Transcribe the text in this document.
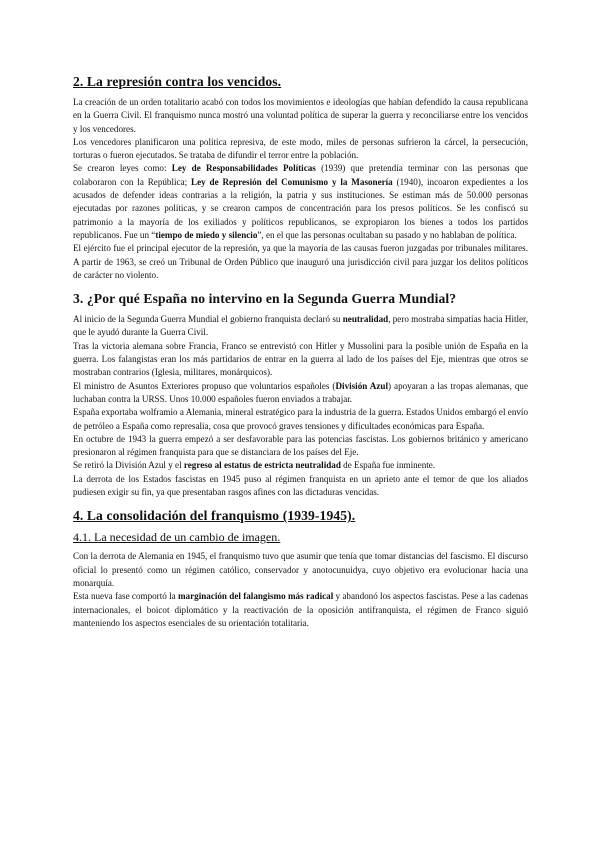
2. La represión contra los vencidos.

La creación de un orden totalitario acabó con todos los movimientos e ideologías que habían defendido la causa republicana en la Guerra Civil. El franquismo nunca mostró una voluntad política de superar la guerra y reconciliarse entre los vencidos y los vencedores.

Los vencedores planificaron una política represiva, de este modo, miles de personas sufrieron la cárcel, la persecución, torturas o fueron ejecutados. Se trataba de difundir el terror entre la población.

Se crearon leyes como: Ley de Responsabilidades Políticas (1939) que pretendía terminar con las personas que colaboraron con la República; Ley de Represión del Comunismo y la Masonería (1940), incoaron expedientes a los acusados de defender ideas contrarias a la religión, la patria y sus instituciones. Se estiman más de 50.000 personas ejecutadas por razones políticas, y se crearon campos de concentración para los presos políticos. Se les confiscó su patrimonio a la mayoría de los exiliados y políticos republicanos, se expropiaron los bienes a todos los partidos republicanos. Fue un “tiempo de miedo y silencio”, en el que las personas ocultaban su pasado y no hablaban de política.

El ejército fue el principal ejecutor de la represión, ya que la mayoría de las causas fueron juzgadas por tribunales militares. A partir de 1963, se creó un Tribunal de Orden Público que inauguró una jurisdicción civil para juzgar los delitos políticos de carácter no violento.

3. ¿Por qué España no intervino en la Segunda Guerra Mundial?

Al inicio de la Segunda Guerra Mundial el gobierno franquista declaró su neutralidad, pero mostraba simpatías hacia Hitler, que le ayudó durante la Guerra Civil.

Tras la victoria alemana sobre Francia, Franco se entrevistó con Hitler y Mussolini para la posible unión de España en la guerra. Los falangistas eran los más partidarios de entrar en la guerra al lado de los países del Eje, mientras que otros se mostraban contrarios (Iglesia, militares, monárquicos).

El ministro de Asuntos Exteriores propuso que voluntarios españoles (División Azul) apoyaran a las tropas alemanas, que luchaban contra la URSS. Unos 10.000 españoles fueron enviados a trabajar.

España exportaba wolframio a Alemania, mineral estratégico para la industria de la guerra. Estados Unidos embargó el envío de petróleo a España como represalia, cosa que provocó graves tensiones y dificultades económicas para España.

En octubre de 1943 la guerra empezó a ser desfavorable para las potencias fascistas. Los gobiernos británico y americano presionaron al régimen franquista para que se distanciara de los países del Eje.

Se retiró la División Azul y el regreso al estatus de estricta neutralidad de España fue inminente.

La derrota de los Estados fascistas en 1945 puso al régimen franquista en un aprieto ante el temor de que los aliados pudiesen exigir su fin, ya que presentaban rasgos afines con las dictaduras vencidas.

4. La consolidación del franquismo (1939-1945).
4.1. La necesidad de un cambio de imagen.

Con la derrota de Alemania en 1945, el franquismo tuvo que asumir que tenía que tomar distancias del fascismo. El discurso oficial lo presentó como un régimen católico, conservador y anotocunuidya, cuyo objetivo era evolucionar hacia una monarquía.

Esta nueva fase comportó la marginación del falangismo más radical y abandonó los aspectos fascistas. Pese a las cadenas internacionales, el boicot diplomático y la reactivación de la oposición antifranquista, el régimen de Franco siguió manteniendo los aspectos esenciales de su orientación totalitaria.
